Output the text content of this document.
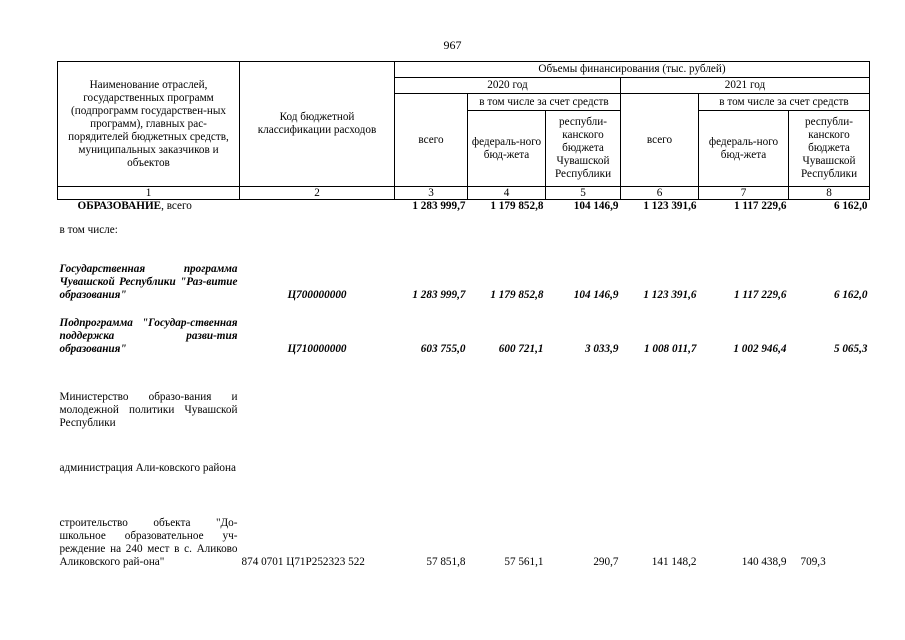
967
Наименование отраслей, государственных программ (подпрограмм государствен-ных программ), главных рас-порядителей бюджетных средств, муниципальных заказчиков и объектов	Код бюджетной классификации расходов	Объемы финансирования (тыс. рублей)					
		2020 год			2021 год		
		всего	в том числе за счет средств		всего	в том числе за счет средств	
			федераль-ного бюд-жета	республи-канского бюджета Чувашской Республики		федераль-ного бюд-жета	республи-канского бюджета Чувашской Республики
1	2	3	4	5	6	7	8
ОБРАЗОВАНИЕ, всего		1 283 999,7	1 179 852,8	104 146,9	1 123 391,6	1 117 229,6	6 162,0
в том числе:							
Государственная программа Чувашской Республики "Раз-витие образования"	Ц700000000	1 283 999,7	1 179 852,8	104 146,9	1 123 391,6	1 117 229,6	6 162,0
Подпрограмма "Государ-ственная поддержка разви-тия образования"	Ц710000000	603 755,0	600 721,1	3 033,9	1 008 011,7	1 002 946,4	5 065,3
Министерство образо-вания и молодежной политики Чувашской Республики							
администрация Али-ковского района							
строительство объекта "До-школьное образовательное уч-реждение на 240 мест в с. Аликово Аликовского рай-она"	874 0701 Ц71Р252323 522	57 851,8	57 561,1	290,7	141 148,2	140 438,9	709,3
